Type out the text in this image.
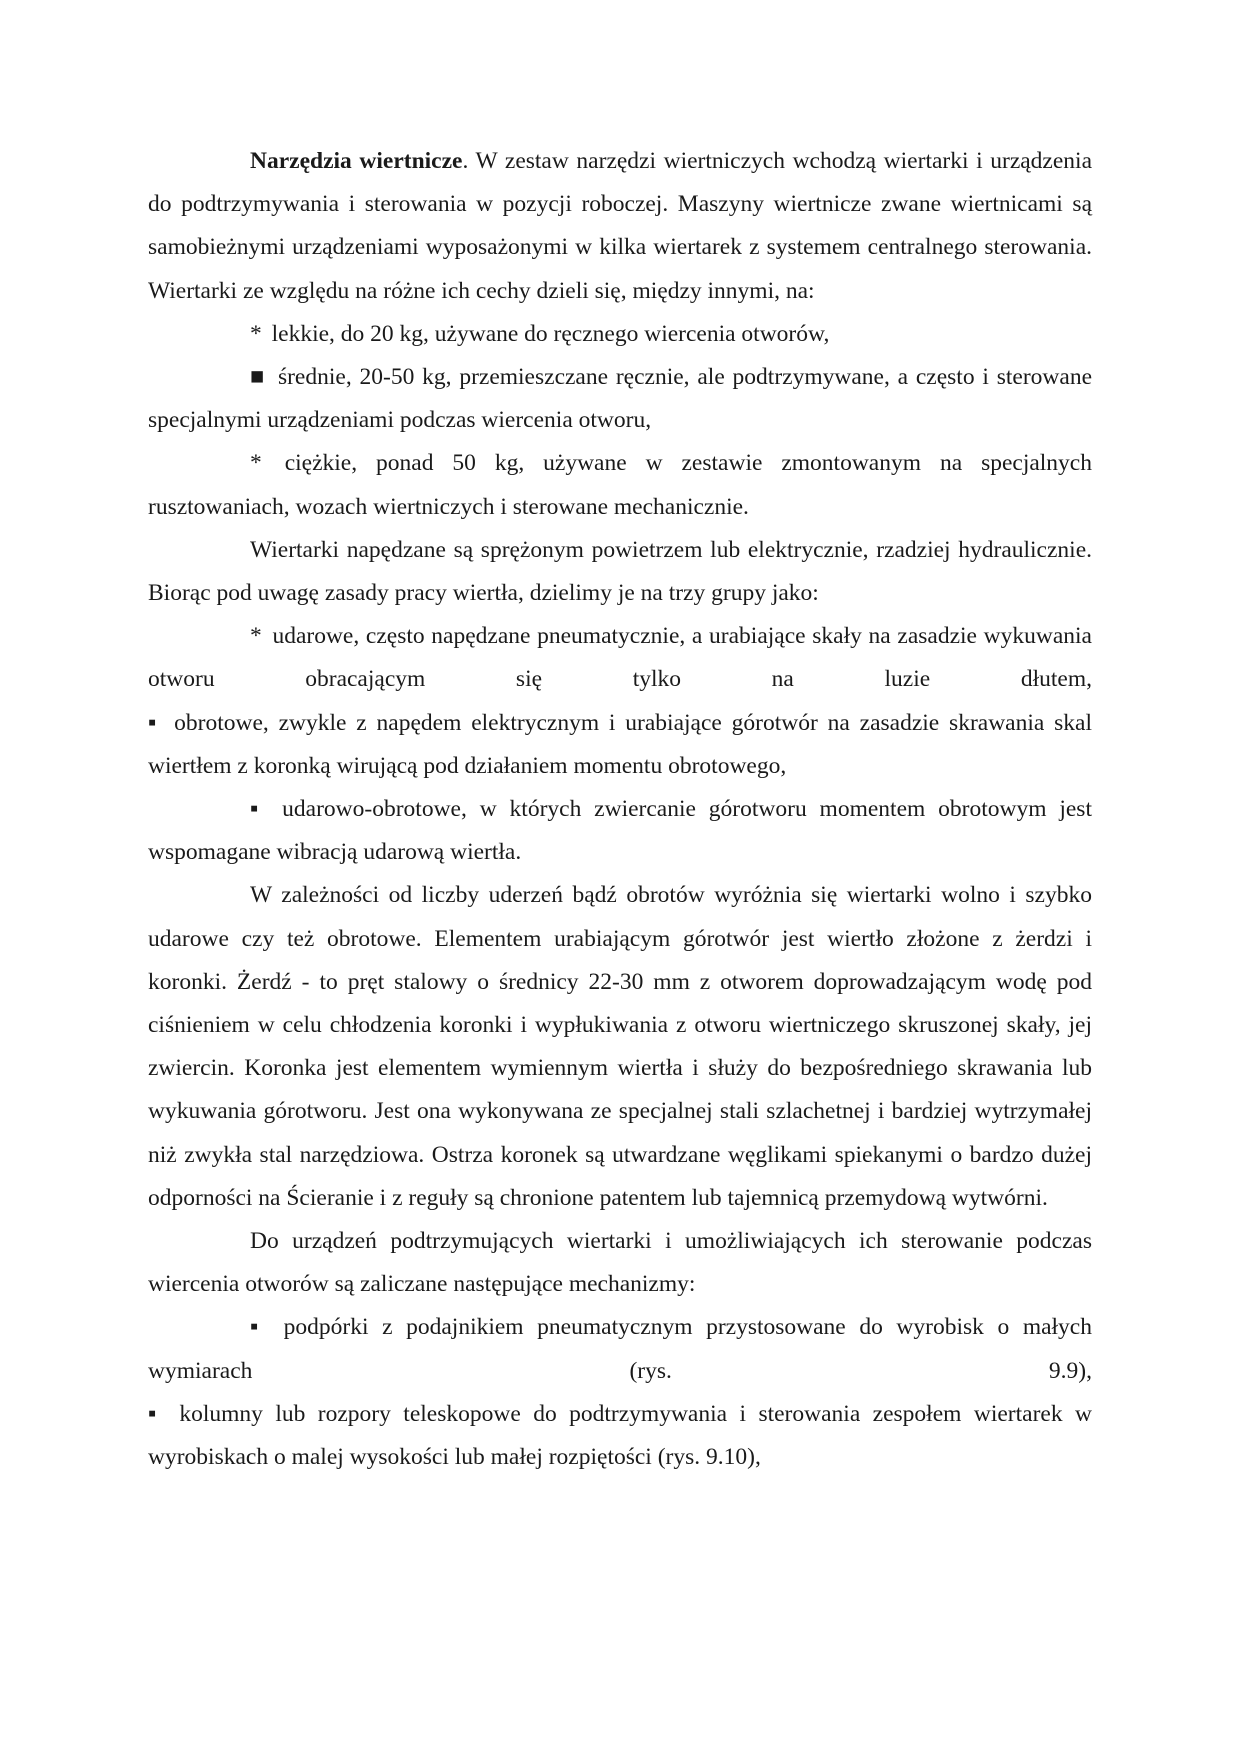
Narzędzia wiertnicze. W zestaw narzędzi wiertniczych wchodzą wiertarki i urządzenia do podtrzymywania i sterowania w pozycji roboczej. Maszyny wiertnicze zwane wiertnicami są samobieżnymi urządzeniami wyposażonymi w kilka wiertarek z systemem centralnego sterowania. Wiertarki ze względu na różne ich cechy dzieli się, między innymi, na:

* lekkie, do 20 kg, używane do ręcznego wiercenia otworów,

■ średnie, 20-50 kg, przemieszczane ręcznie, ale podtrzymywane, a często i sterowane specjalnymi urządzeniami podczas wiercenia otworu,

* ciężkie, ponad 50 kg, używane w zestawie zmontowanym na specjalnych rusztowaniach, wozach wiertniczych i sterowane mechanicznie.

Wiertarki napędzane są sprężonym powietrzem lub elektrycznie, rzadziej hydraulicznie. Biorąc pod uwagę zasady pracy wiertła, dzielimy je na trzy grupy jako:

* udarowe, często napędzane pneumatycznie, a urabiające skały na zasadzie wykuwania otworu obracającym się tylko na luzie dłutem,

▪ obrotowe, zwykle z napędem elektrycznym i urabiające górotwór na zasadzie skrawania skal wiertłem z koronką wirującą pod działaniem momentu obrotowego,

▪ udarowo-obrotowe, w których zwiercanie górotworu momentem obrotowym jest wspomagane wibracją udarową wiertła.

W zależności od liczby uderzeń bądź obrotów wyróżnia się wiertarki wolno i szybko udarowe czy też obrotowe. Elementem urabiającym górotwór jest wiertło złożone z żerdzi i koronki. Żerdź - to pręt stalowy o średnicy 22-30 mm z otworem doprowadzającym wodę pod ciśnieniem w celu chłodzenia koronki i wypłukiwania z otworu wiertniczego skruszonej skały, jej zwiercin. Koronka jest elementem wymiennym wiertła i służy do bezpośredniego skrawania lub wykuwania górotworu. Jest ona wykonywana ze specjalnej stali szlachetnej i bardziej wytrzymałej niż zwykła stal narzędziowa. Ostrza koronek są utwardzane węglikami spiekanymi o bardzo dużej odporności na Ścieranie i z reguły są chronione patentem lub tajemnicą przemydową wytwórni.

Do urządzeń podtrzymujących wiertarki i umożliwiających ich sterowanie podczas wiercenia otworów są zaliczane następujące mechanizmy:

▪ podpórki z podajnikiem pneumatycznym przystosowane do wyrobisk o małych wymiarach (rys. 9.9),

▪ kolumny lub rozpory teleskopowe do podtrzymywania i sterowania zespołem wiertarek w wyrobiskach o malej wysokości lub małej rozpiętości (rys. 9.10),
